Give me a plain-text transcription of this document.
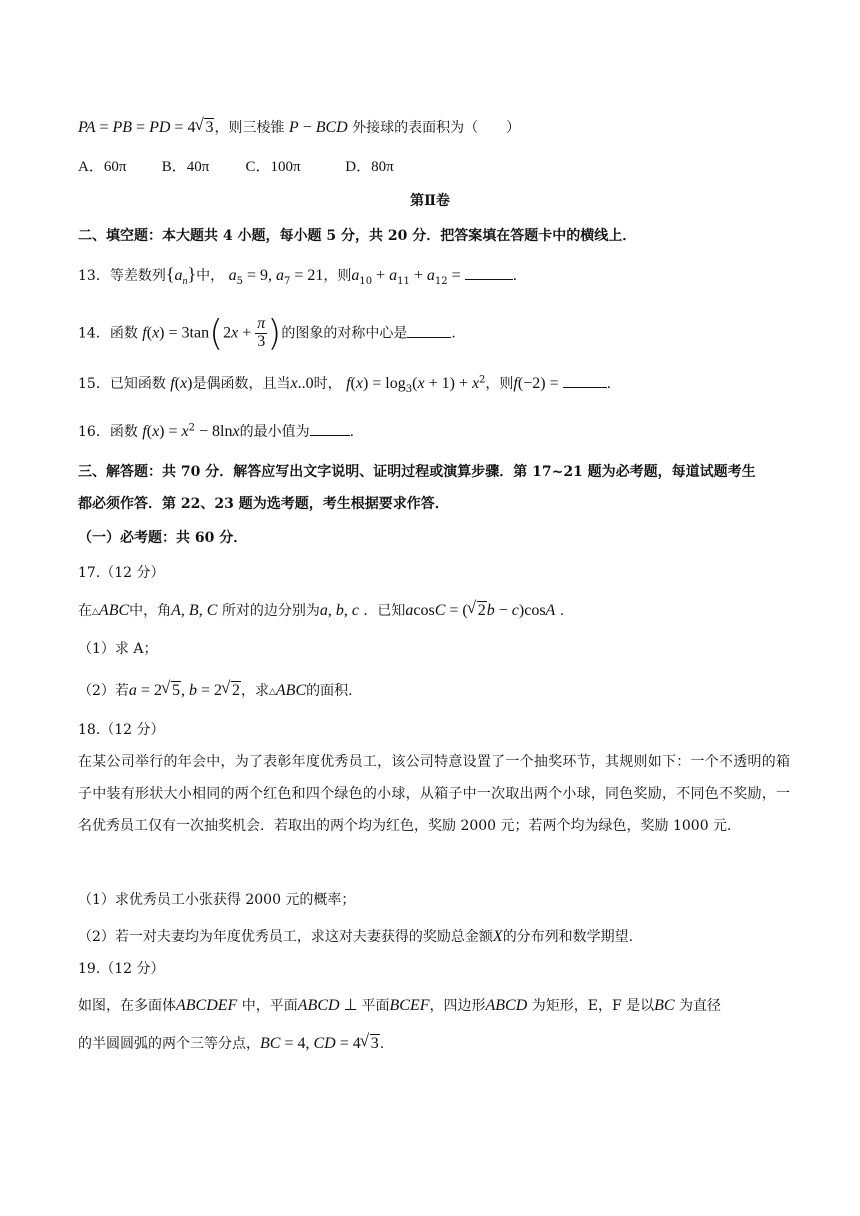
PA = PB = PD = 4 √ 3，则三棱锥 P − BCD 外接球的表面积为（　　）
A．60π B．40π C．100π	D．80π
第Ⅱ卷
二、填空题：本大题共 4 小题，每小题 5 分，共 20 分．把答案填在答题卡中的横线上．
13．等差数列$\{a_n\}$中， $a_5 = 9$, $a_7 = 21$，则$a_{10} + a_{11} + a_{12}$ =	.
14．函数 $f(x) = 3\tan(2x + \frac{\pi}{3}$ )的图象的对称中心是	.
15．已知函数 f(x)是偶函数，且当x..0时， $f(x) = \log_3(x + 1) + x^2$，则f(−2) =	.
16．函数 $f(x) = x^2 - 8\ln x$的最小值为	.
三、解答题：共 70 分．解答应写出文字说明、证明过程或演算步骤．第 17~21 题为必考题，每道试题考生
都必须作答．第 22、23 题为选考题，考生根据要求作答．
（一）必考题：共 60 分．
17.（12 分）
在△ABC中，角A, B, C 所对的边分别为a, b, c ．已知acosC = ( √ 2b − c)cosA .
（1）求 A；
（2）若a = 2 √ 5, b = 2 √ 2，求△ABC的面积.
18.（12 分）
在某公司举行的年会中，为了表彰年度优秀员工，该公司特意设置了一个抽奖环节，其规则如下：一个不透明的箱子中装有形状大小相同的两个红色和四个绿色的小球，从箱子中一次取出两个小球，同色奖励，不同色不奖励，一名优秀员工仅有一次抽奖机会．若取出的两个均为红色，奖励 2000 元；若两个均为绿色，奖励 1000 元．
（1）求优秀员工小张获得 2000 元的概率；
（2）若一对夫妻均为年度优秀员工，求这对夫妻获得的奖励总金额X的分布列和数学期望.
19.（12 分）
如图，在多面体ABCDEF 中，平面ABCD ⊥ 平面BCEF，四边形ABCD 为矩形，E，F 是以BC 为直径
的半圆圆弧的两个三等分点，BC = 4, CD = 4 √ 3.
